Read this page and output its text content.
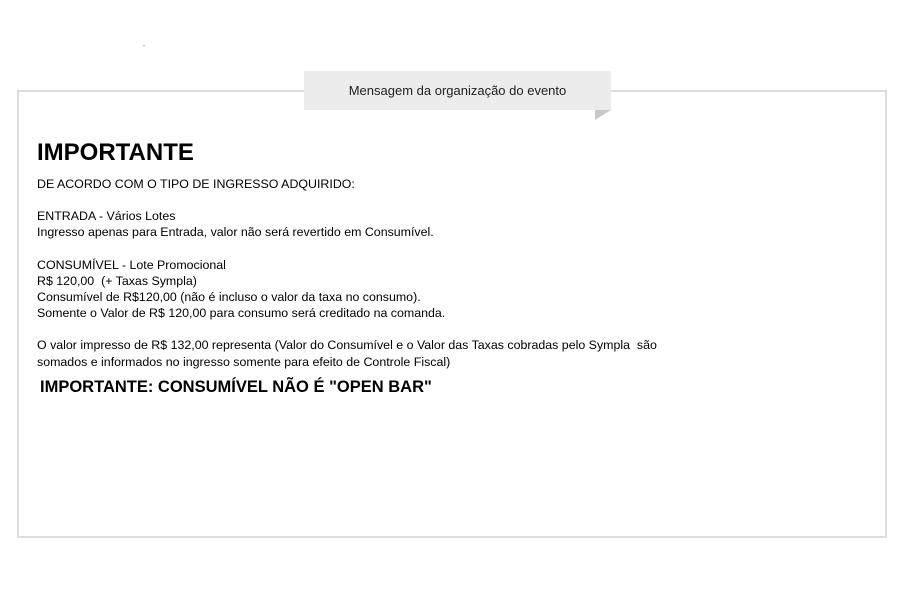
Mensagem da organização do evento
IMPORTANTE

DE ACORDO COM O TIPO DE INGRESSO ADQUIRIDO:

ENTRADA - Vários Lotes

Ingresso apenas para Entrada, valor não será revertido em Consumível.

CONSUMÍVEL - Lote Promocional

R$ 120,00  (+ Taxas Sympla)

Consumível de R$120,00 (não é incluso o valor da taxa no consumo).

Somente o Valor de R$ 120,00 para consumo será creditado na comanda.

O valor impresso de R$ 132,00 representa (Valor do Consumível e o Valor das Taxas cobradas pelo Sympla  são

somados e informados no ingresso somente para efeito de Controle Fiscal)

IMPORTANTE: CONSUMÍVEL NÃO É "OPEN BAR"
